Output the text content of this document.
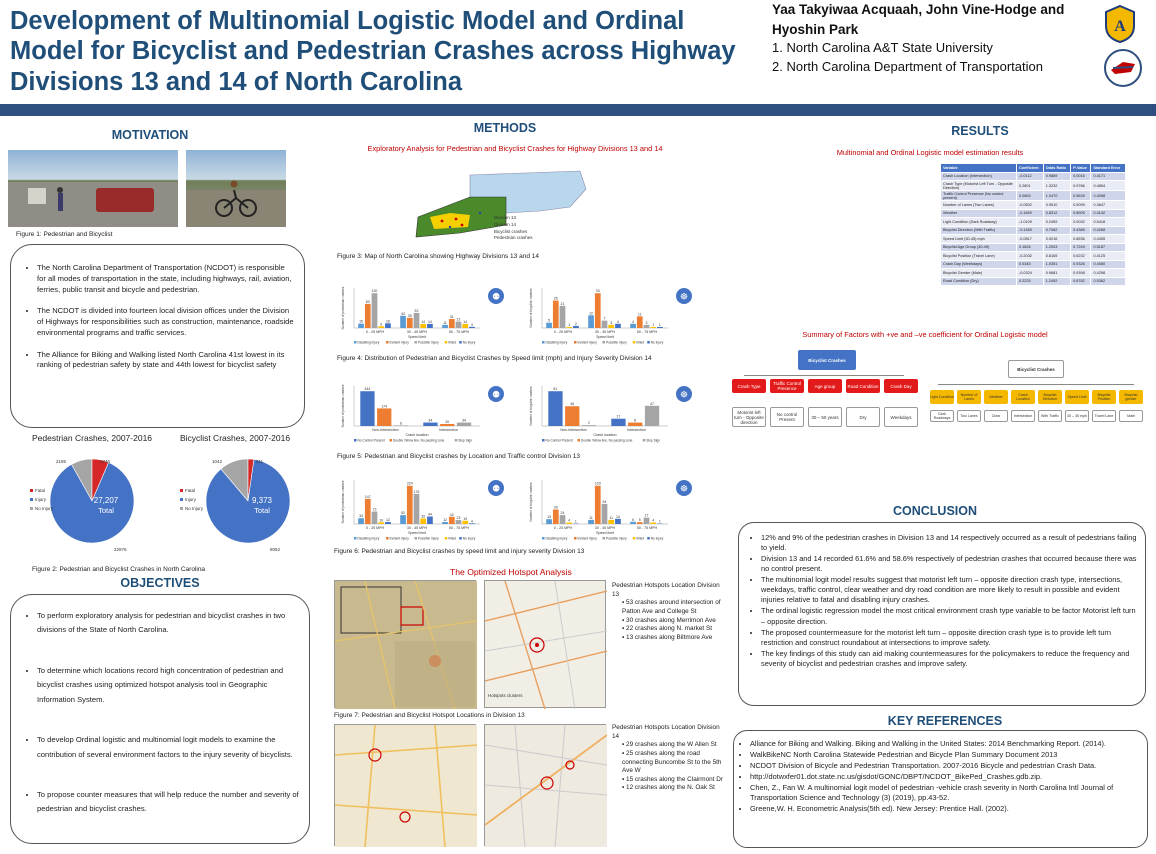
Development of Multinomial Logistic Model and Ordinal Model for Bicyclist and Pedestrian Crashes across Highway Divisions 13 and 14 of North Carolina
Yaa Takyiwaa Acquaah, John Vine-Hodge and Hyoshin Park
1. North Carolina A&T State University
2. North Carolina Department of Transportation
A
MOTIVATION
Figure 1: Pedestrian and Bicyclist
• The North Carolina Department of Transportation (NCDOT) is responsible for all modes of transportation in the state, including highways, rail, aviation, ferries, public transit and bicycle and pedestrian.
• The NCDOT is divided into fourteen local division offices under the Division of Highways for responsibilities such as construction, maintenance, roadside environmental programs and traffic services.
• The Alliance for Biking and Walking listed North Carolina 41st lowest in its ranking of pedestrian safety by state and 44th lowest for bicyclist safety
Pedestrian Crashes, 2007-2016	Bicyclist Crashes, 2007-2016
27,207
Total
2185	1746
22976
Fatal
Injury
No Injury
9,373
Total
1042	211
8052
Fatal
Injury
No Injury
Figure 2: Pedestrian and Bicyclist Crashes in North Carolina
OBJECTIVES
• To perform exploratory analysis for pedestrian and bicyclist crashes in two divisions of the State of North Carolina.
• To determine which locations record high concentration of pedestrian and bicyclist crashes using optimized hotspot analysis tool in Geographic Information System.
• To develop Ordinal logistic and multinomial logit models to examine the contribution of several environment factors to the injury severity of bicyclists.
• To propose counter measures that will help reduce the number and severity of pedestrian and bicyclist crashes.
METHODS
Exploratory Analysis for Pedestrian and Bicyclist Crashes for Highway Divisions 13 and 14
Division 13
Division 14
Bicyclist crashes
Pedestrian crashes
Figure 3: Map of North Carolina showing Highway Divisions 13 and 14
15
83
120
6
16
0 - 25 MPH
42
35
52
14 14
30 - 45 MPH
11
31
22
14
4
50 - 75 MPH
Speed limit
Number of pedestrian crashes
Disabling Injury	Evident Injury	Possible Injury	Killed No injury
⚉
5
26
21
1 2
0 - 25 MPH
12
33
7
3 4
30 - 45 MPH
4
11
3
1 1
50 - 75 MPH
Speed limit
Number of bicyclist crashes
Disabling Injury	Evident Injury	Possible Injury	Killed No injury
☸
Figure 4: Distribution of Pedestrian and Bicyclist Crashes by Speed limit (mph) and Injury Severity Division 14
344
174
6
Non-Intersection
34	20	34
Intersection
Crash location
Number of pedestrian crashes
No Control Present	Double Yellow line, No passing zone	Stop Sign
⚉
81
46
2
Non-Intersection
17
8
47
Intersection
Crash location
Number of bicyclist crashes
No Control Present	Double Yellow line, No passing zone	Stop Sign
☸
Figure 5: Pedestrian and Bicyclist crashes by Location and Traffic control Division 13
34
147
73
10 12
0 - 25 MPH
52
224
176
32
44
30 - 45 MPH
12
42
23 19
4
50 - 75 MPH
Speed limit
Number of pedestrian crashes
Disabling Injury	Evident Injury	Possible Injury	Killed No injury
⚉
13
39
24
4 1
0 - 25 MPH
11
103
54
11 14
30 - 45 MPH
6 5
17
4 1
50 - 75 MPH
Speed limit
Number of bicyclist crashes
Disabling Injury	Evident Injury	Possible Injury	Killed No injury
☸
Figure 6: Pedestrian and Bicyclist crashes by speed limit and injury severity Division 13
The Optimized Hotspot Analysis
Hotspots clusters
Pedestrian Hotspots Location Division 13
▪ 53 crashes around intersection of Patton Ave and College St
▪ 30 crashes along Merrimon Ave
▪ 22 crashes along N. market St
▪ 13 crashes along Biltmore Ave
Figure 7: Pedestrian and Bicyclist Hotspot Locations in Division 13
Pedestrian Hotspots Location Division 14
▪ 29 crashes along the W Allen St
▪ 25 crashes along the road connecting Buncombe St to the 5th Ave W
▪ 15 crashes along the Clairmont Dr
▪ 12 crashes along the N. Oak St
RESULTS
Multinomial and Ordinal Logistic model estimation results
Variable	Coefficient	Odds Ratio	P-Value	Standard Error
Crash Location (Intersection)	-0.0112	0.9889	0.0016	0.4171
Crash Type (Motorist Left Turn - Opposite Direction)	0.2801	1.3232	0.9786	0.4854
Traffic Control Presence (No control present)	0.0663	1.0470	0.5639	0.4098
Number of Lanes (Two Lanes)	-0.0502	0.9510	0.9099	0.3647
Weather	-0.1890	0.8312	0.8905	0.4142
Light Condition (Dark Roadway)	-1.0109	0.2459	0.0032	0.5418
Bicyclist Direction (With Traffic)	-0.1450	0.7082	0.4389	0.4268
Speed Limit (30-45) mph	-0.0817	0.9216	0.8536	0.4455
Bicyclist Age Group (30-49)	0.1826	1.2003	0.7249	0.5187
Bicyclist Position (Travel Lane)	-0.2032	0.8165	0.6232	0.4125
Crash Day (Weekdays)	0.0345	1.0351	0.9326	0.4080
Bicyclist Gender (Male)	-0.0324	0.9681	0.9398	0.4298
Road Condition (Dry)	0.2225	1.2492	0.6782	0.5362
Summary of Factors with +ve and –ve coefficient for Ordinal Logistic model
Bicyclist Crashes
Crash Type	Traffic Control Presence	Age group	Road Condition	Crash Day
Motorist left turn - Opposite direction
No control Present	30 – 50 years	Dry	Weekdays
Bicyclist Crashes
Light Condition
Dark Roadways
Number of Lanes
Two Lanes
Weather
Clear
Crash Location
Intersection
Bicyclist Direction
With Traffic
Speed Limit
30 – 45 mph
Bicyclist Position
Travel Lane
Bicyclist gender
Male
CONCLUSION
• 12% and 9% of the pedestrian crashes in Division 13 and 14 respectively occurred as a result of pedestrians failing to yield.
• Division 13 and 14 recorded 61.6% and 58.6% respectively of pedestrian crashes that occurred because there was no control present.
• The multinomial logit model results suggest that motorist left turn – opposite direction crash type, intersections, weekdays, traffic control, clear weather and dry road condition are more likely to result in possible and evident injuries relative to fatal and disabling injury crashes.
• The ordinal logistic regression model the most critical environment crash type variable to be factor Motorist left turn – opposite direction.
• The proposed countermeasure for the motorist left turn – opposite direction crash type is to provide left turn restriction and construct roundabout at intersections to improve safety.
• The key findings of this study can aid making countermeasures for the policymakers to reduce the frequency and severity of bicyclist and pedestrian crashes and improve safety.
KEY REFERENCES
• Alliance for Biking and Walking. Biking and Walking in the United States: 2014 Benchmarking Report. (2014).
• WalkBikeNC North Carolina Statewide Pedestrian and Bicycle Plan Summary Document 2013
• NCDOT Division of Bicycle and Pedestrian Transportation. 2007-2016 Bicycle and pedestrian Crash Data.
• http://dotwxfer01.dot.state.nc.us/gisdot/GONC/DBPT/NCDOT_BikePed_Crashes.gdb.zip.
• Chen, Z., Fan W. A multinomial logit model of pedestrian -vehicle crash severity in North Carolina Intl Journal of Transportation Science and Technology (3) (2019), pp.43-52.
• Greene,W. H. Econometric Analysis(5th ed). New Jersey: Prentice Hall. (2002).
